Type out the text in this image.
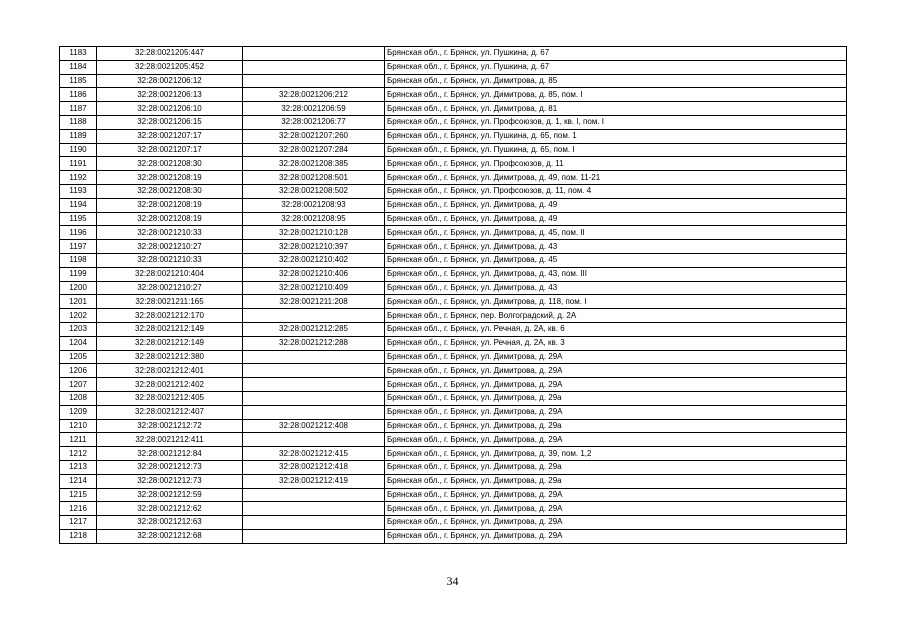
1183	32:28:0021205:447		Брянская обл., г. Брянск, ул. Пушкина, д. 67
1184	32:28:0021205:452		Брянская обл., г. Брянск, ул. Пушкина, д. 67
1185	32:28:0021206:12		Брянская обл., г. Брянск, ул. Димитрова, д. 85
1186	32:28:0021206:13	32:28:0021206:212	Брянская обл., г. Брянск, ул. Димитрова, д. 85, пом. I
1187	32:28:0021206:10	32:28:0021206:59	Брянская обл., г. Брянск, ул. Димитрова, д. 81
1188	32:28:0021206:15	32:28:0021206:77	Брянская обл., г. Брянск, ул. Профсоюзов, д. 1, кв. I, пом. I
1189	32:28:0021207:17	32:28:0021207:260	Брянская обл., г. Брянск, ул. Пушкина, д. 65, пом. 1
1190	32:28:0021207:17	32:28:0021207:284	Брянская обл., г. Брянск, ул. Пушкина, д. 65, пом. I
1191	32:28:0021208:30	32:28:0021208:385	Брянская обл., г. Брянск, ул. Профсоюзов, д. 11
1192	32:28:0021208:19	32:28:0021208:501	Брянская обл., г. Брянск, ул. Димитрова, д. 49, пом. 11-21
1193	32:28:0021208:30	32:28:0021208:502	Брянская обл., г. Брянск, ул. Профсоюзов, д. 11, пом. 4
1194	32:28:0021208:19	32:28:0021208:93	Брянская обл., г. Брянск, ул. Димитрова, д. 49
1195	32:28:0021208:19	32:28:0021208:95	Брянская обл., г. Брянск, ул. Димитрова, д. 49
1196	32:28:0021210:33	32:28:0021210:128	Брянская обл., г. Брянск, ул. Димитрова, д. 45, пом. II
1197	32:28:0021210:27	32:28:0021210:397	Брянская обл., г. Брянск, ул. Димитрова, д. 43
1198	32:28:0021210:33	32:28:0021210:402	Брянская обл., г. Брянск, ул. Димитрова, д. 45
1199	32:28:0021210:404	32:28:0021210:406	Брянская обл., г. Брянск, ул. Димитрова, д. 43, пом. III
1200	32:28:0021210:27	32:28:0021210:409	Брянская обл., г. Брянск, ул. Димитрова, д. 43
1201	32:28:0021211:165	32:28:0021211:208	Брянская обл., г. Брянск, ул. Димитрова, д. 118, пом. I
1202	32:28:0021212:170		Брянская обл., г. Брянск, пер. Волгоградский, д. 2А
1203	32:28:0021212:149	32:28:0021212:285	Брянская обл., г. Брянск, ул. Речная, д. 2А, кв. 6
1204	32:28:0021212:149	32:28:0021212:288	Брянская обл., г. Брянск, ул. Речная, д. 2А, кв. 3
1205	32:28:0021212:380		Брянская обл., г. Брянск, ул. Димитрова, д. 29А
1206	32:28:0021212:401		Брянская обл., г. Брянск, ул. Димитрова, д. 29А
1207	32:28:0021212:402		Брянская обл., г. Брянск, ул. Димитрова, д. 29А
1208	32:28:0021212:405		Брянская обл., г. Брянск, ул. Димитрова, д. 29а
1209	32:28:0021212:407		Брянская обл., г. Брянск, ул. Димитрова, д. 29А
1210	32:28:0021212:72	32:28:0021212:408	Брянская обл., г. Брянск, ул. Димитрова, д. 29а
1211	32:28:0021212:411		Брянская обл., г. Брянск, ул. Димитрова, д. 29А
1212	32:28:0021212:84	32:28:0021212:415	Брянская обл., г. Брянск, ул. Димитрова, д. 39, пом. 1,2
1213	32:28:0021212:73	32:28:0021212:418	Брянская обл., г. Брянск, ул. Димитрова, д. 29а
1214	32:28:0021212:73	32:28:0021212:419	Брянская обл., г. Брянск, ул. Димитрова, д. 29а
1215	32:28:0021212:59		Брянская обл., г. Брянск, ул. Димитрова, д. 29А
1216	32:28:0021212:62		Брянская обл., г. Брянск, ул. Димитрова, д. 29А
1217	32:28:0021212:63		Брянская обл., г. Брянск, ул. Димитрова, д. 29А
1218	32:28:0021212:68		Брянская обл., г. Брянск, ул. Димитрова, д. 29А
34
